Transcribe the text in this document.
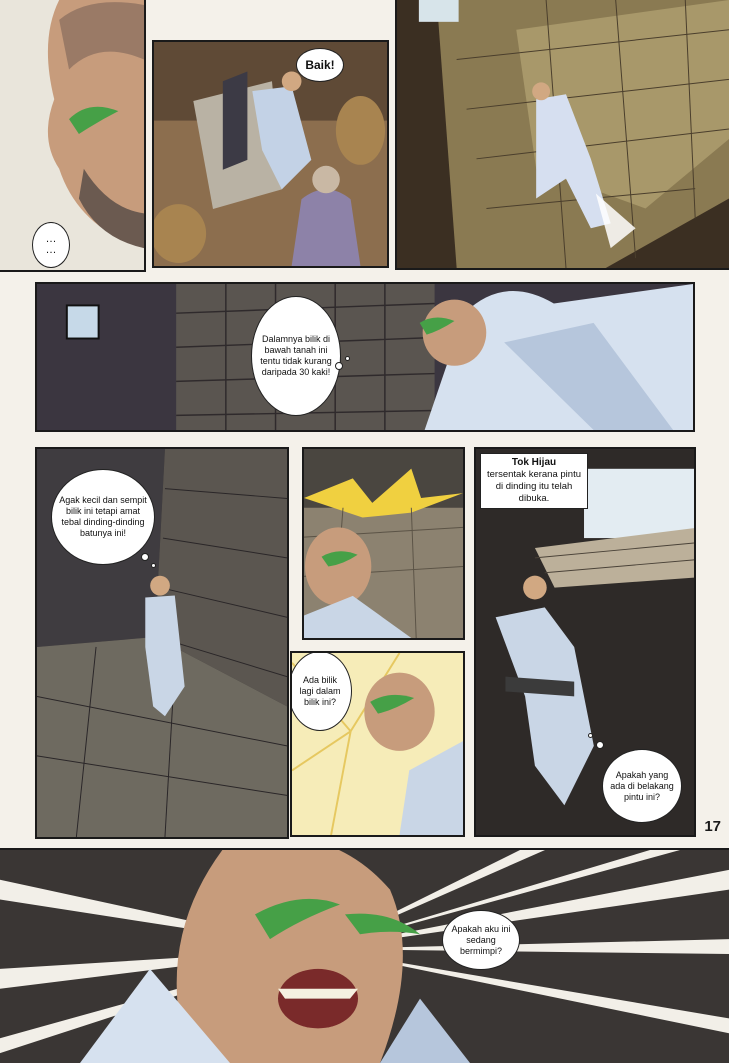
…
…
Baik!
Dalamnya bilik di bawah tanah ini tentu tidak kurang daripada 30 kaki!
Agak kecil dan sempit bilik ini tetapi amat tebal dinding-dinding batunya ini!
Ada bilik lagi dalam bilik ini?
Tok Hijau
tersentak kerana pintu di dinding itu telah dibuka.
Apakah yang ada di belakang pintu ini?
17
Apakah aku ini sedang bermimpi?
